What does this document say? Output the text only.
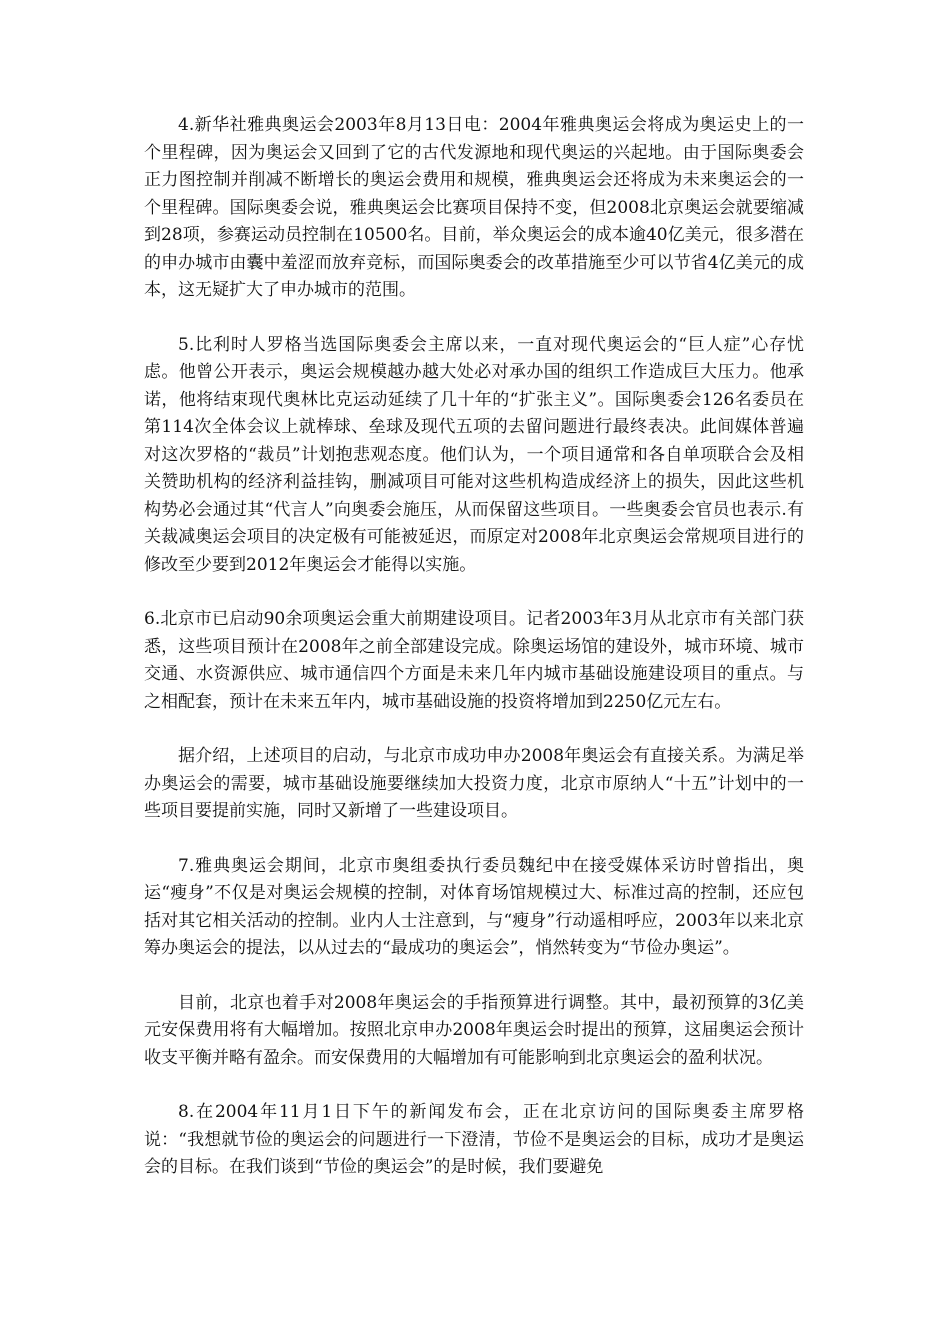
4.新华社雅典奥运会2003年8月13日电：2004年雅典奥运会将成为奥运史上的一个里程碑，因为奥运会又回到了它的古代发源地和现代奥运的兴起地。由于国际奥委会正力图控制并削减不断增长的奥运会费用和规模，雅典奥运会还将成为未来奥运会的一个里程碑。国际奥委会说，雅典奥运会比赛项目保持不变，但2008北京奥运会就要缩减到28项，参赛运动员控制在10500名。目前，举众奥运会的成本逾40亿美元，很多潜在的申办城市由囊中羞涩而放弃竞标，而国际奥委会的改革措施至少可以节省4亿美元的成本，这无疑扩大了申办城市的范围。

5.比利时人罗格当选国际奥委会主席以来，一直对现代奥运会的“巨人症”心存忧虑。他曾公开表示，奥运会规模越办越大处必对承办国的组织工作造成巨大压力。他承诺，他将结束现代奥林比克运动延续了几十年的“扩张主义”。国际奥委会126名委员在第114次全体会议上就棒球、垒球及现代五项的去留问题进行最终表决。此间媒体普遍对这次罗格的“裁员”计划抱悲观态度。他们认为，一个项目通常和各自单项联合会及相关赞助机构的经济利益挂钩，删减项目可能对这些机构造成经济上的损失，因此这些机构势必会通过其“代言人”向奥委会施压，从而保留这些项目。一些奥委会官员也表示.有关裁减奥运会项目的决定极有可能被延迟，而原定对2008年北京奥运会常规项目进行的修改至少要到2012年奥运会才能得以实施。

6.北京市已启动90余项奥运会重大前期建设项目。记者2003年3月从北京市有关部门获悉，这些项目预计在2008年之前全部建设完成。除奥运场馆的建设外，城市环境、城市交通、水资源供应、城市通信四个方面是未来几年内城市基础设施建设项目的重点。与之相配套，预计在未来五年内，城市基础设施的投资将增加到2250亿元左右。

据介绍，上述项目的启动，与北京市成功申办2008年奥运会有直接关系。为满足举办奥运会的需要，城市基础设施要继续加大投资力度，北京市原纳人“十五”计划中的一些项目要提前实施，同时又新增了一些建设项目。

7.雅典奥运会期间，北京市奥组委执行委员魏纪中在接受媒体采访时曾指出，奥运“瘦身”不仅是对奥运会规模的控制，对体育场馆规模过大、标准过高的控制，还应包括对其它相关活动的控制。业内人士注意到，与“瘦身”行动遥相呼应，2003年以来北京筹办奥运会的提法，以从过去的“最成功的奥运会”，悄然转变为“节俭办奥运”。

目前，北京也着手对2008年奥运会的手指预算进行调整。其中，最初预算的3亿美元安保费用将有大幅增加。按照北京申办2008年奥运会时提出的预算，这届奥运会预计收支平衡并略有盈余。而安保费用的大幅增加有可能影响到北京奥运会的盈利状况。

8.在2004年11月1日下午的新闻发布会，正在北京访问的国际奥委主席罗格说：“我想就节俭的奥运会的问题进行一下澄清，节俭不是奥运会的目标，成功才是奥运会的目标。在我们谈到“节俭的奥运会”的是时候，我们要避免
